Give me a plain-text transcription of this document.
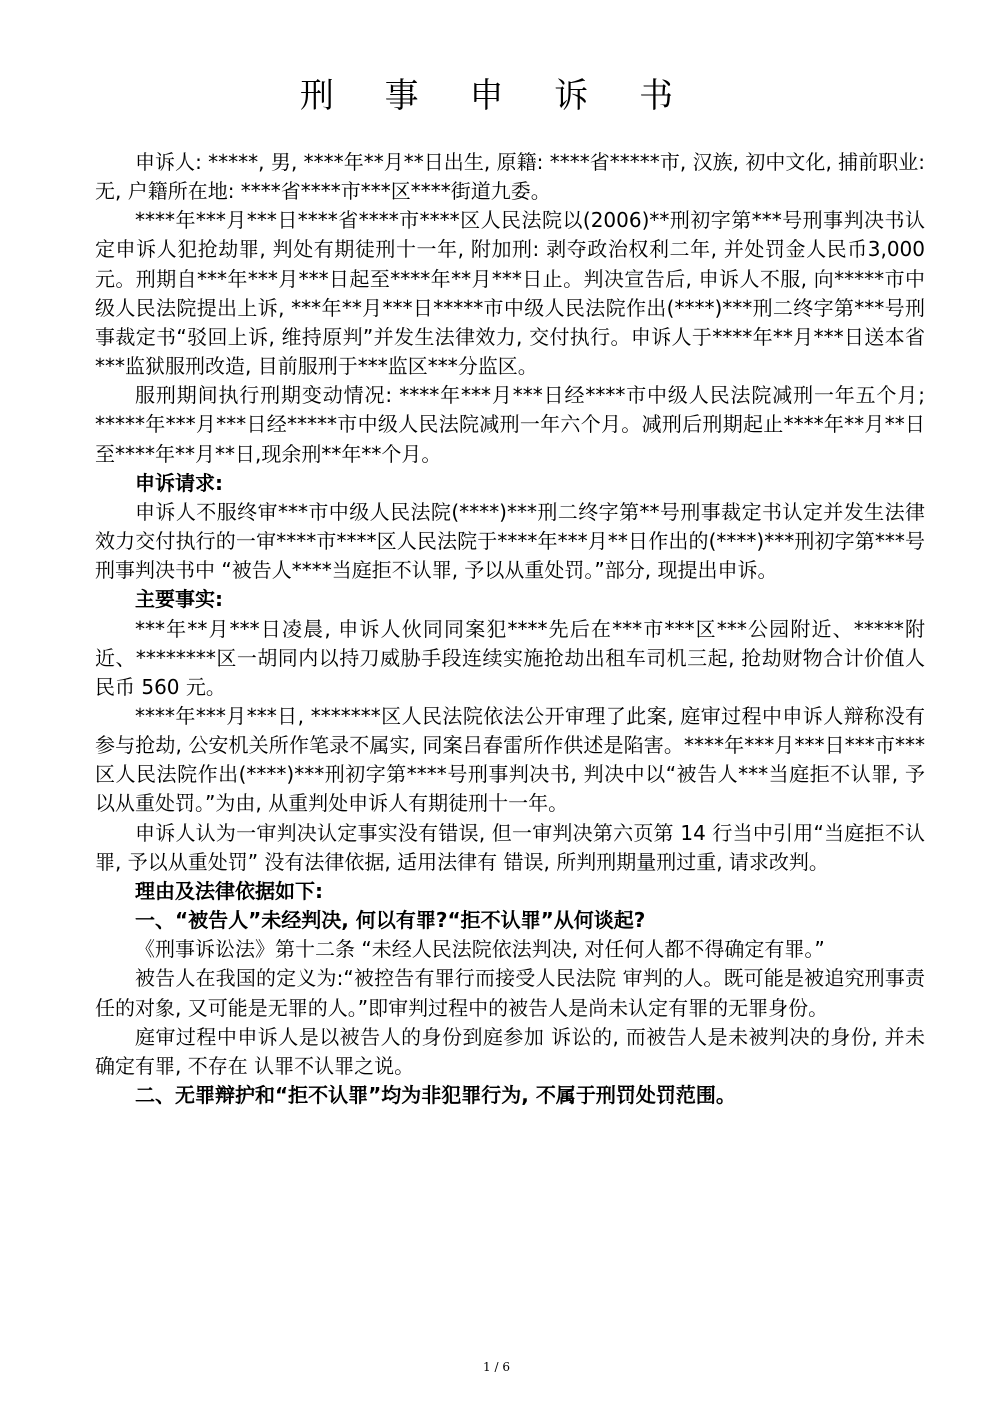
刑 事 申 诉 书

申诉人: *****, 男, ****年**月**日出生, 原籍: ****省*****市, 汉族, 初中文化, 捕前职业: 无, 户籍所在地: ****省****市***区****街道九委。

****年***月***日****省****市****区人民法院以(2006)**刑初字第***号刑事判决书认定申诉人犯抢劫罪, 判处有期徒刑十一年, 附加刑: 剥夺政治权利二年, 并处罚金人民币3,000 元。刑期自***年***月***日起至****年**月***日止。判决宣告后, 申诉人不服, 向*****市中级人民法院提出上诉, ***年**月***日*****市中级人民法院作出(****)***刑二终字第***号刑事裁定书“驳回上诉, 维持原判”并发生法律效力, 交付执行。申诉人于****年**月***日送本省***监狱服刑改造, 目前服刑于***监区***分监区。

服刑期间执行刑期变动情况: ****年***月***日经****市中级人民法院减刑一年五个月; *****年***月***日经*****市中级人民法院减刑一年六个月。减刑后刑期起止****年**月**日至****年**月**日,现余刑**年**个月。

申诉请求:

申诉人不服终审***市中级人民法院(****)***刑二终字第**号刑事裁定书认定并发生法律效力交付执行的一审****市****区人民法院于****年***月**日作出的(****)***刑初字第***号刑事判决书中 “被告人****当庭拒不认罪, 予以从重处罚。”部分, 现提出申诉。

主要事实:

***年**月***日凌晨, 申诉人伙同同案犯****先后在***市***区***公园附近、*****附近、********区一胡同内以持刀威胁手段连续实施抢劫出租车司机三起, 抢劫财物合计价值人民币 560 元。

****年***月***日, *******区人民法院依法公开审理了此案, 庭审过程中申诉人辩称没有参与抢劫, 公安机关所作笔录不属实, 同案吕春雷所作供述是陷害。****年***月***日***市***区人民法院作出(****)***刑初字第****号刑事判决书, 判决中以“被告人***当庭拒不认罪, 予以从重处罚。”为由, 从重判处申诉人有期徒刑十一年。

申诉人认为一审判决认定事实没有错误, 但一审判决第六页第 14 行当中引用“当庭拒不认罪, 予以从重处罚” 没有法律依据, 适用法律有 错误, 所判刑期量刑过重, 请求改判。

理由及法律依据如下:

一、“被告人”未经判决, 何以有罪?“拒不认罪”从何谈起?

《刑事诉讼法》第十二条 “未经人民法院依法判决, 对任何人都不得确定有罪。”

被告人在我国的定义为:“被控告有罪行而接受人民法院 审判的人。既可能是被追究刑事责任的对象, 又可能是无罪的人。”即审判过程中的被告人是尚未认定有罪的无罪身份。

庭审过程中申诉人是以被告人的身份到庭参加 诉讼的, 而被告人是未被判决的身份, 并未确定有罪, 不存在 认罪不认罪之说。

二、无罪辩护和“拒不认罪”均为非犯罪行为, 不属于刑罚处罚范围。

1 / 6
